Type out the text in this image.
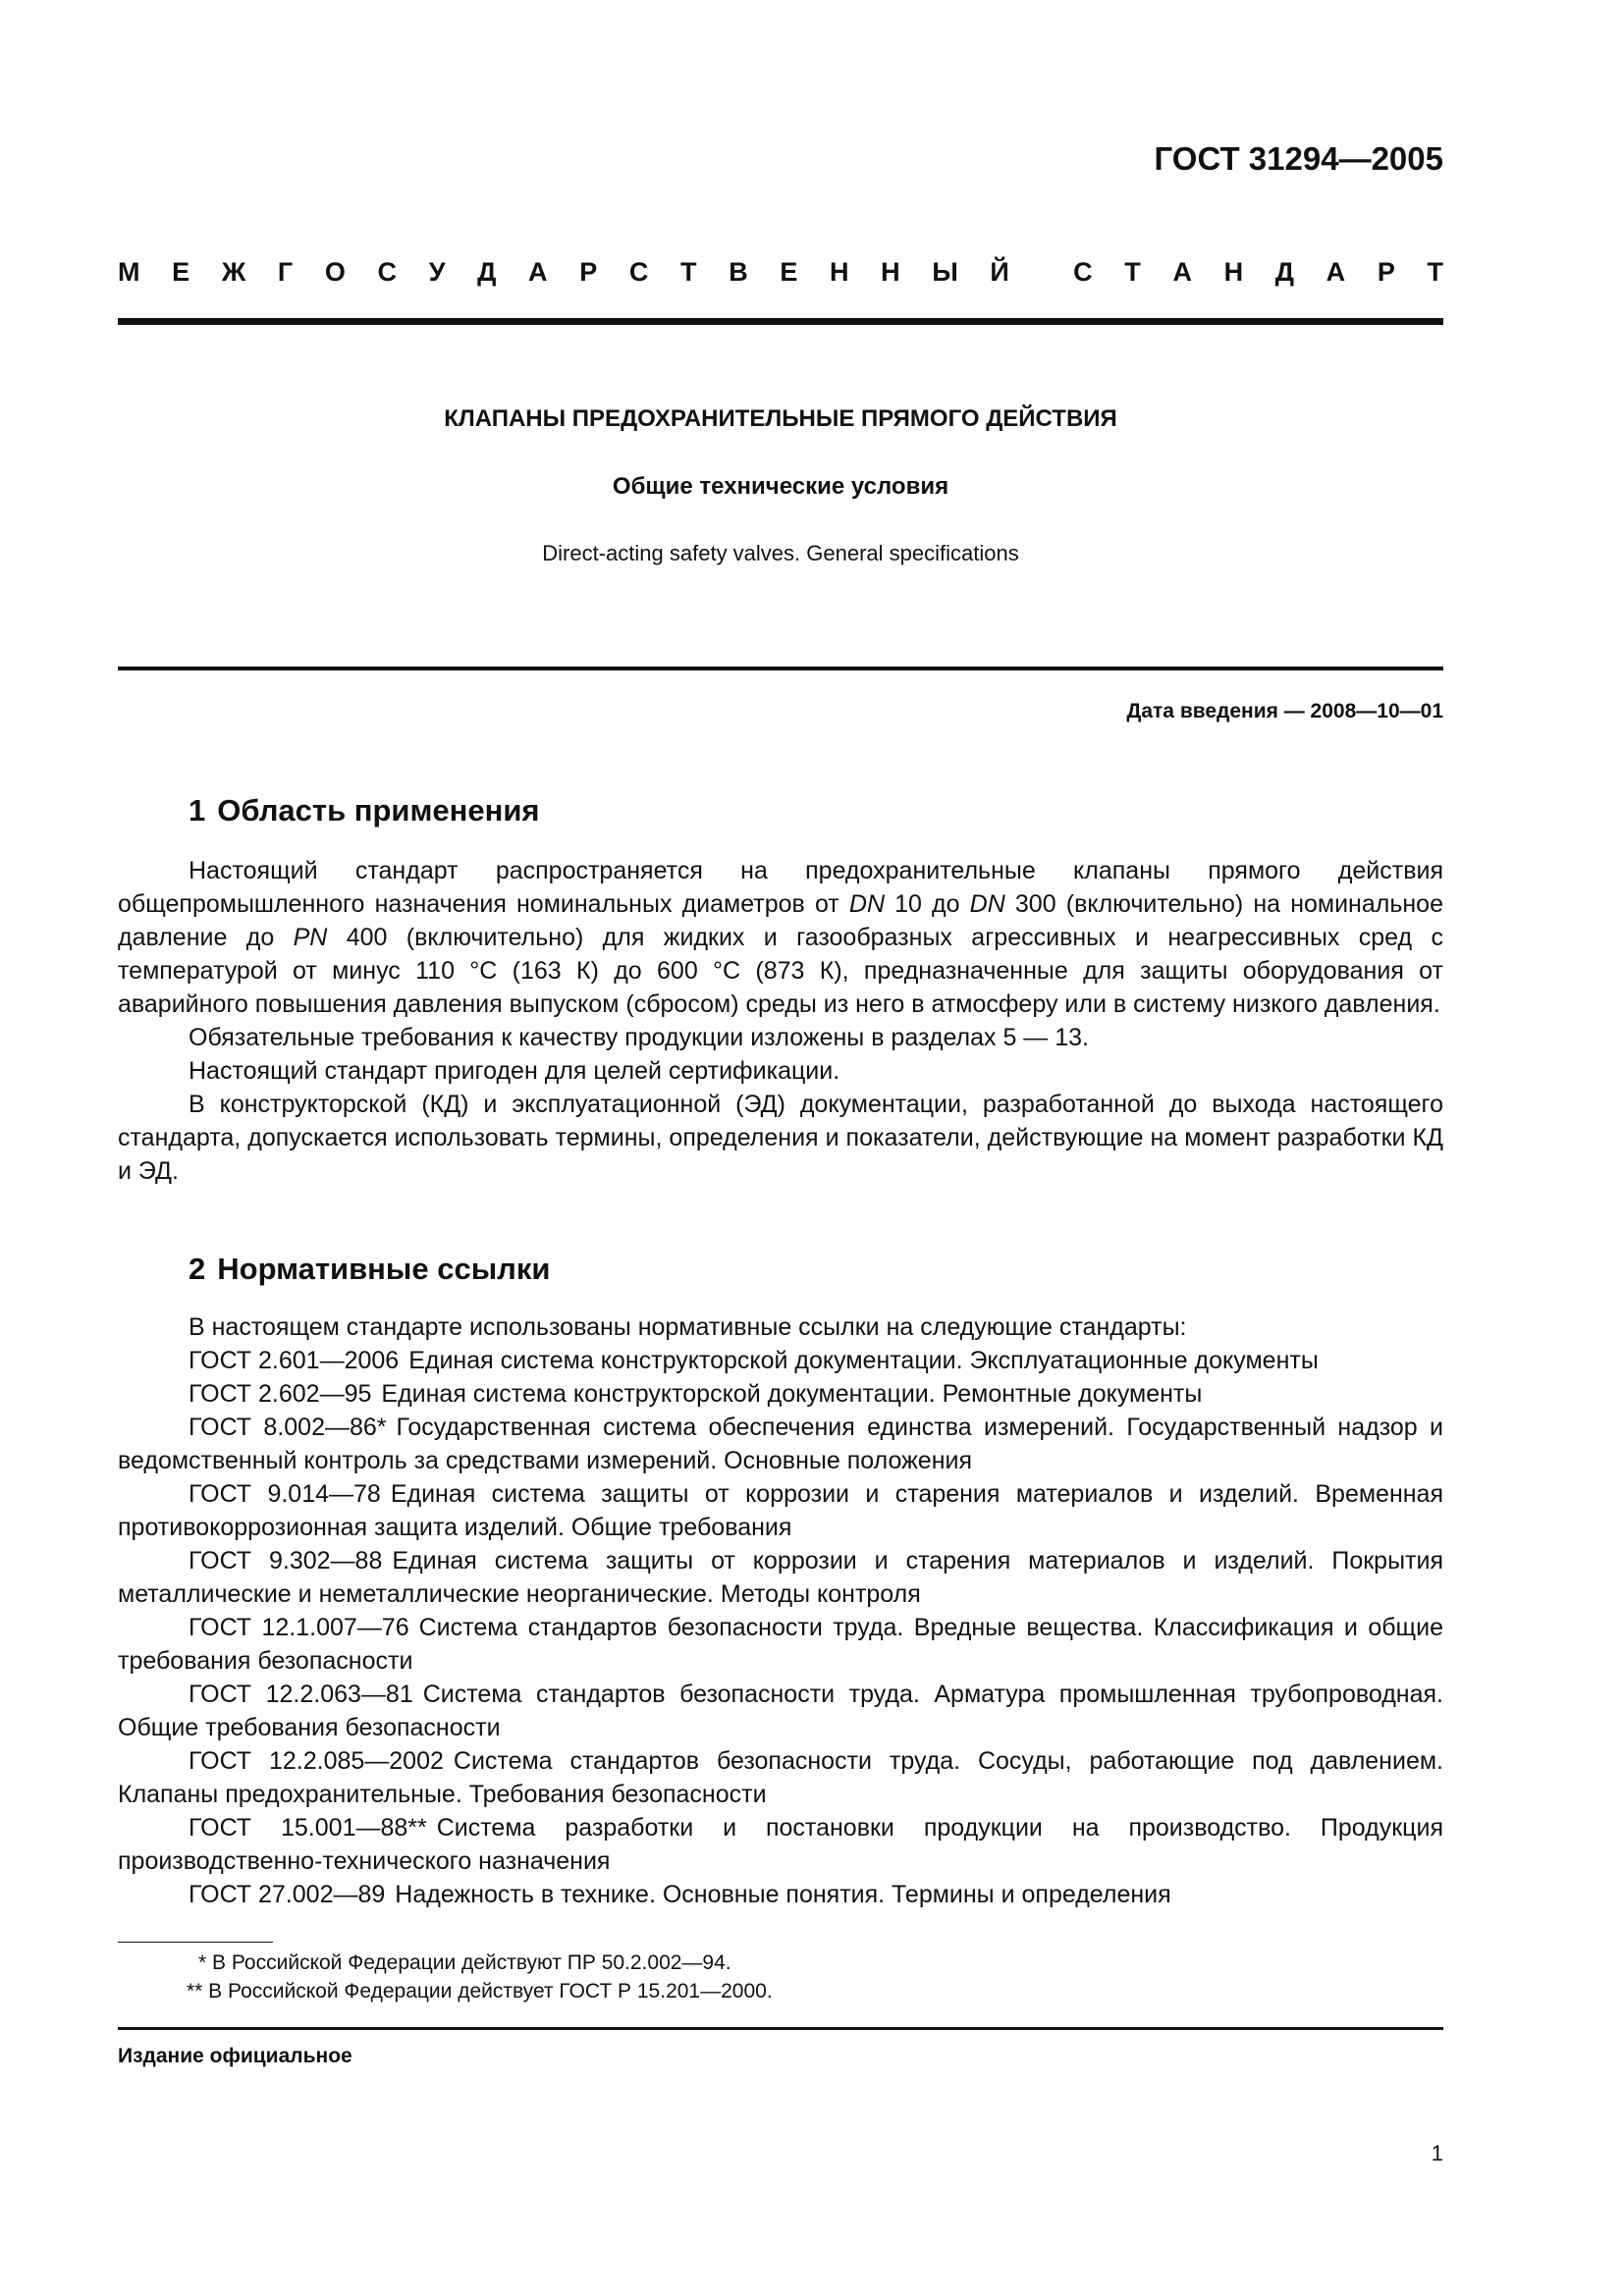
ГОСТ 31294—2005
М Е Ж Г О С У Д А Р С Т В Е Н Н Ы Й С Т А Н Д А Р Т
КЛАПАНЫ ПРЕДОХРАНИТЕЛЬНЫЕ ПРЯМОГО ДЕЙСТВИЯ
Общие технические условия
Direct-acting safety valves. General specifications
Дата введения — 2008—10—01
1 Область применения

Настоящий стандарт распространяется на предохранительные клапаны прямого действия общепромышленного назначения номинальных диаметров от DN 10 до DN 300 (включительно) на номинальное давление до PN 400 (включительно) для жидких и газообразных агрессивных и неагрессивных сред с температурой от минус 110 °С (163 К) до 600 °С (873 К), предназначенные для защиты оборудования от аварийного повышения давления выпуском (сбросом) среды из него в атмосферу или в систему низкого давления.

Обязательные требования к качеству продукции изложены в разделах 5 — 13.

Настоящий стандарт пригоден для целей сертификации.

В конструкторской (КД) и эксплуатационной (ЭД) документации, разработанной до выхода настоящего стандарта, допускается использовать термины, определения и показатели, действующие на момент разработки КД и ЭД.

2 Нормативные ссылки

В настоящем стандарте использованы нормативные ссылки на следующие стандарты:

ГОСТ 2.601—2006 Единая система конструкторской документации. Эксплуатационные документы

ГОСТ 2.602—95 Единая система конструкторской документации. Ремонтные документы

ГОСТ 8.002—86* Государственная система обеспечения единства измерений. Государственный надзор и ведомственный контроль за средствами измерений. Основные положения

ГОСТ 9.014—78 Единая система защиты от коррозии и старения материалов и изделий. Временная противокоррозионная защита изделий. Общие требования

ГОСТ 9.302—88 Единая система защиты от коррозии и старения материалов и изделий. Покрытия металлические и неметаллические неорганические. Методы контроля

ГОСТ 12.1.007—76 Система стандартов безопасности труда. Вредные вещества. Классификация и общие требования безопасности

ГОСТ 12.2.063—81 Система стандартов безопасности труда. Арматура промышленная трубопроводная. Общие требования безопасности

ГОСТ 12.2.085—2002 Система стандартов безопасности труда. Сосуды, работающие под давлением. Клапаны предохранительные. Требования безопасности

ГОСТ 15.001—88** Система разработки и постановки продукции на производство. Продукция производственно-технического назначения

ГОСТ 27.002—89 Надежность в технике. Основные понятия. Термины и определения

* В Российской Федерации действуют ПР 50.2.002—94.

** В Российской Федерации действует ГОСТ Р 15.201—2000.

Издание официальное
1
